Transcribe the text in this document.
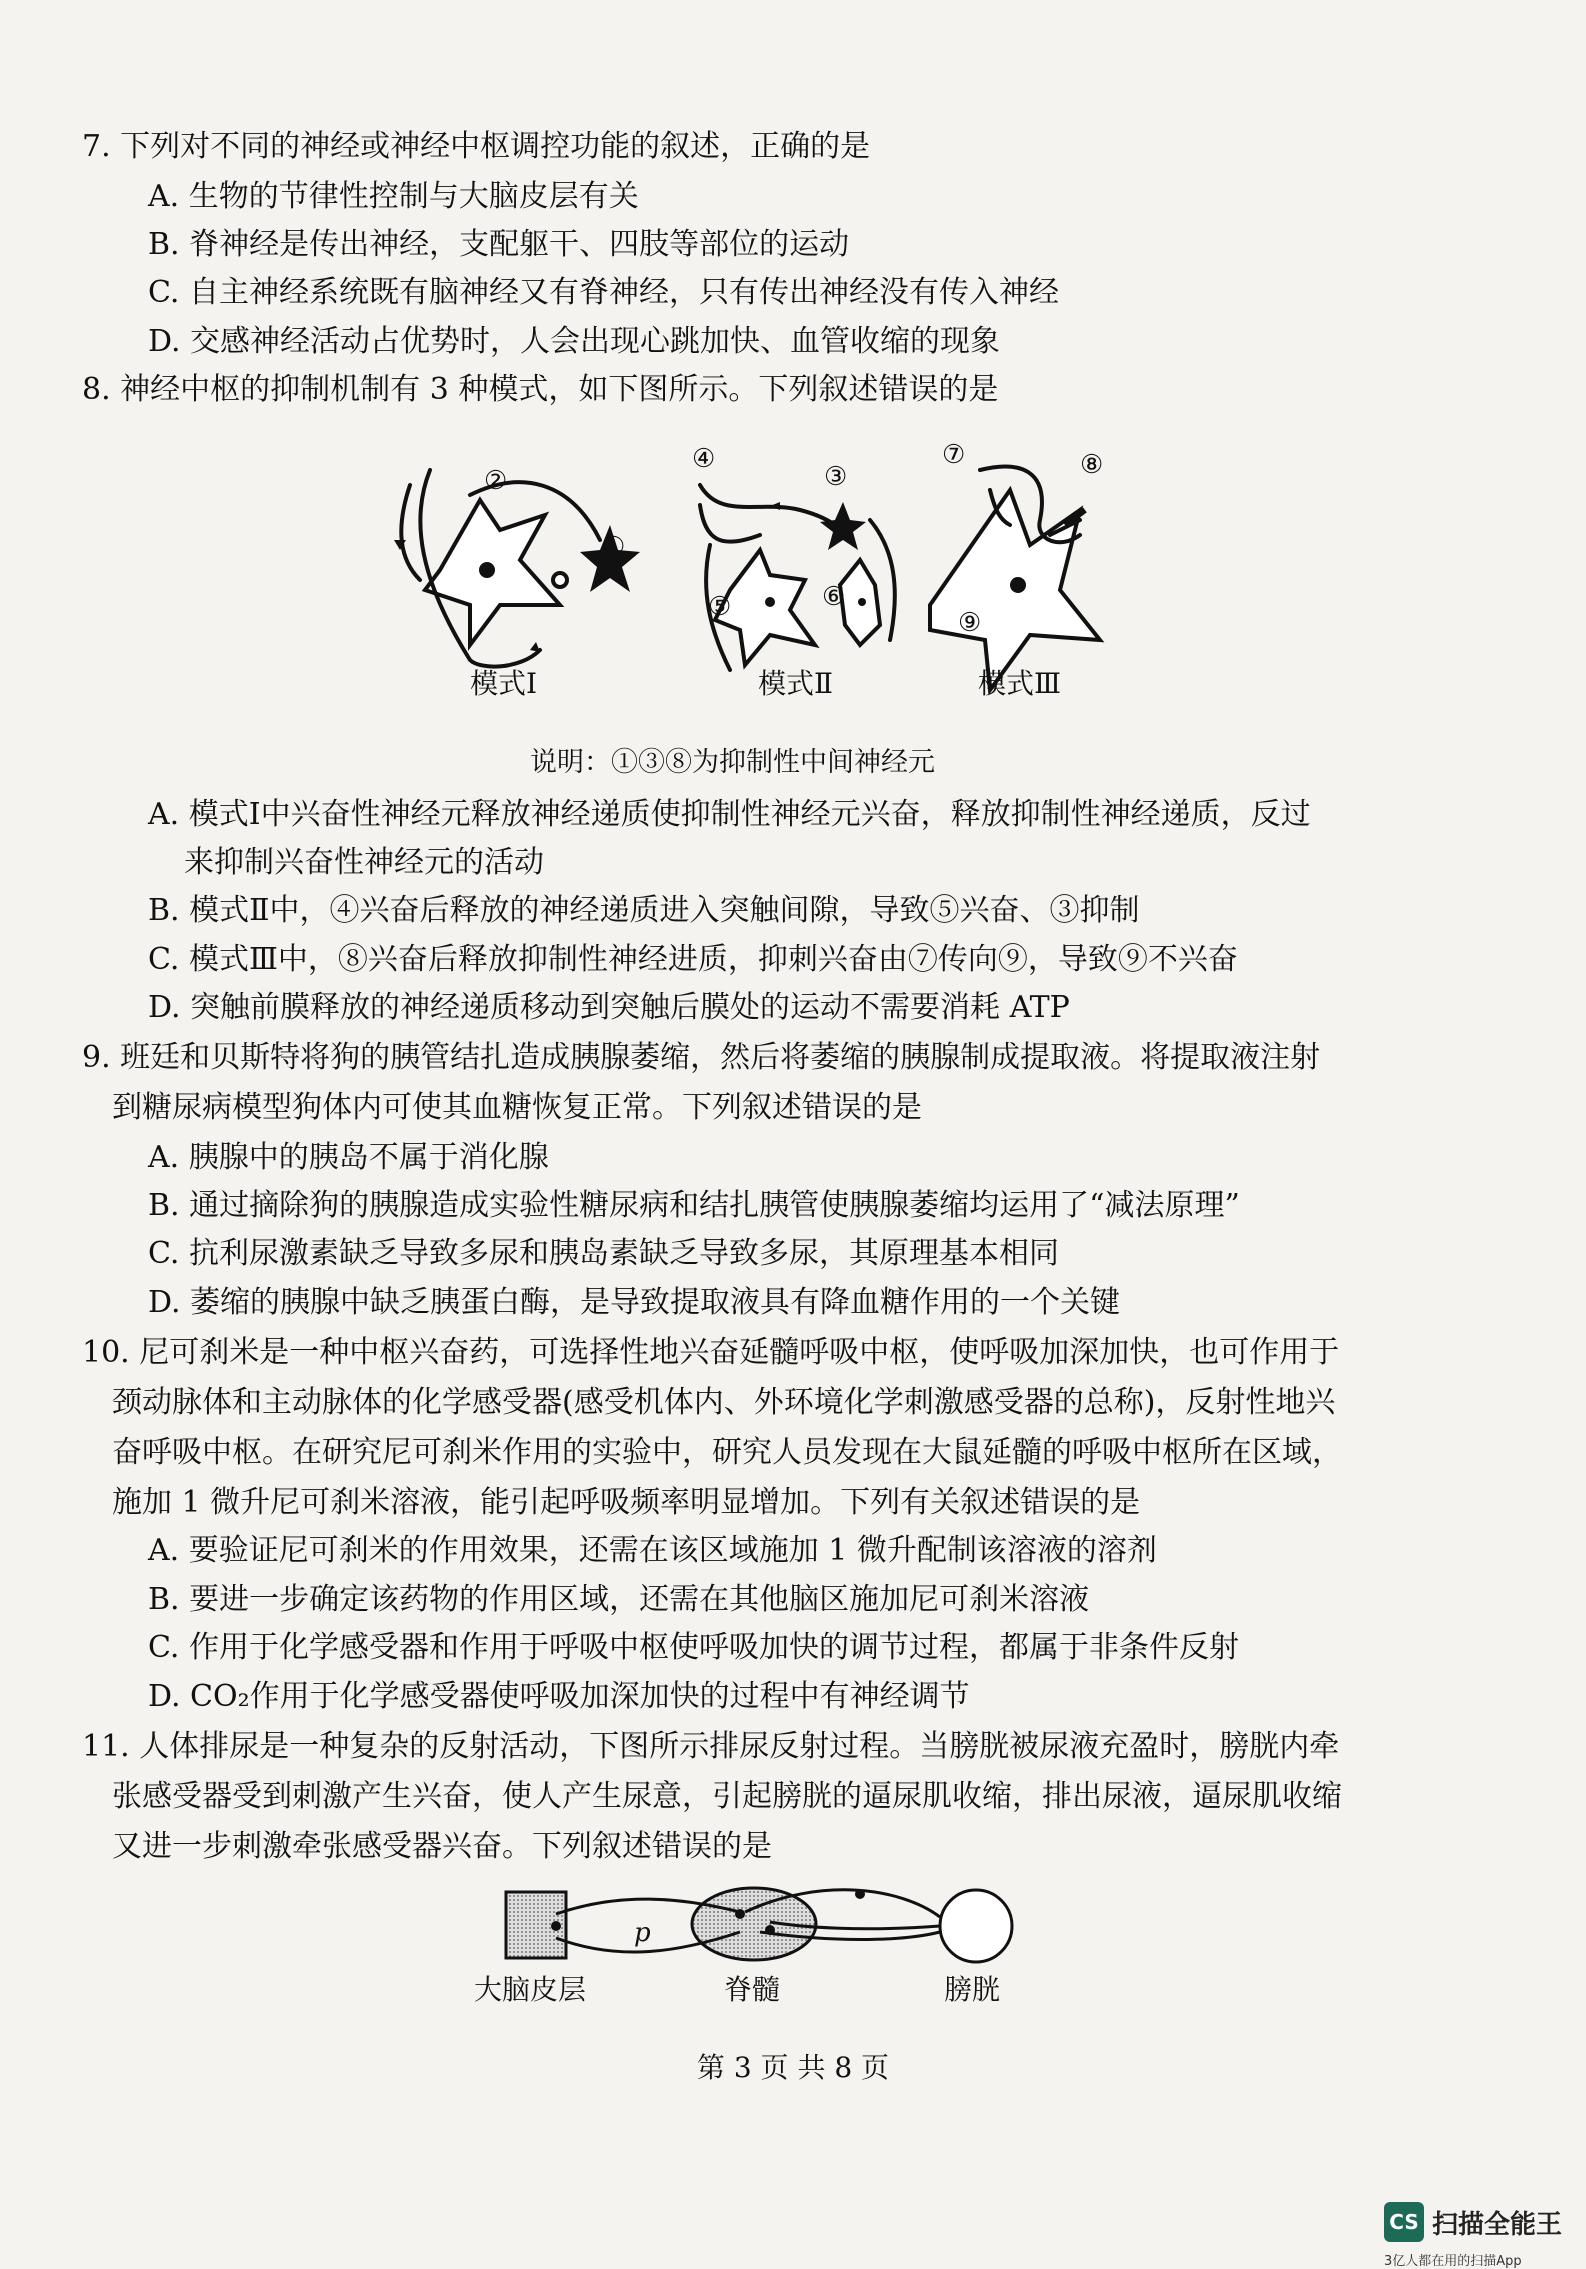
7. 下列对不同的神经或神经中枢调控功能的叙述，正确的是
A. 生物的节律性控制与大脑皮层有关
B. 脊神经是传出神经，支配躯干、四肢等部位的运动
C. 自主神经系统既有脑神经又有脊神经，只有传出神经没有传入神经
D. 交感神经活动占优势时，人会出现心跳加快、血管收缩的现象
8. 神经中枢的抑制机制有 3 种模式，如下图所示。下列叙述错误的是
②
①
④
③
⑤	⑥
⑦	⑧
⑨
模式Ⅰ	模式Ⅱ	模式Ⅲ
说明：①③⑧为抑制性中间神经元
A. 模式Ⅰ中兴奋性神经元释放神经递质使抑制性神经元兴奋，释放抑制性神经递质，反过
来抑制兴奋性神经元的活动
B. 模式Ⅱ中，④兴奋后释放的神经递质进入突触间隙，导致⑤兴奋、③抑制
C. 模式Ⅲ中，⑧兴奋后释放抑制性神经进质，抑刺兴奋由⑦传向⑨，导致⑨不兴奋
D. 突触前膜释放的神经递质移动到突触后膜处的运动不需要消耗 ATP
9. 班廷和贝斯特将狗的胰管结扎造成胰腺萎缩，然后将萎缩的胰腺制成提取液。将提取液注射
到糖尿病模型狗体内可使其血糖恢复正常。下列叙述错误的是
A. 胰腺中的胰岛不属于消化腺
B. 通过摘除狗的胰腺造成实验性糖尿病和结扎胰管使胰腺萎缩均运用了“减法原理”
C. 抗利尿激素缺乏导致多尿和胰岛素缺乏导致多尿，其原理基本相同
D. 萎缩的胰腺中缺乏胰蛋白酶，是导致提取液具有降血糖作用的一个关键
10. 尼可刹米是一种中枢兴奋药，可选择性地兴奋延髓呼吸中枢，使呼吸加深加快，也可作用于
颈动脉体和主动脉体的化学感受器(感受机体内、外环境化学刺激感受器的总称)，反射性地兴
奋呼吸中枢。在研究尼可刹米作用的实验中，研究人员发现在大鼠延髓的呼吸中枢所在区域，
施加 1 微升尼可刹米溶液，能引起呼吸频率明显增加。下列有关叙述错误的是
A. 要验证尼可刹米的作用效果，还需在该区域施加 1 微升配制该溶液的溶剂
B. 要进一步确定该药物的作用区域，还需在其他脑区施加尼可刹米溶液
C. 作用于化学感受器和作用于呼吸中枢使呼吸加快的调节过程，都属于非条件反射
D. CO₂作用于化学感受器使呼吸加深加快的过程中有神经调节
11. 人体排尿是一种复杂的反射活动，下图所示排尿反射过程。当膀胱被尿液充盈时，膀胱内牵
张感受器受到刺激产生兴奋，使人产生尿意，引起膀胱的逼尿肌收缩，排出尿液，逼尿肌收缩
又进一步刺激牵张感受器兴奋。下列叙述错误的是
p
大脑皮层	脊髓	膀胱
第 3 页 共 8 页
CS 扫描全能王
3亿人都在用的扫描App
